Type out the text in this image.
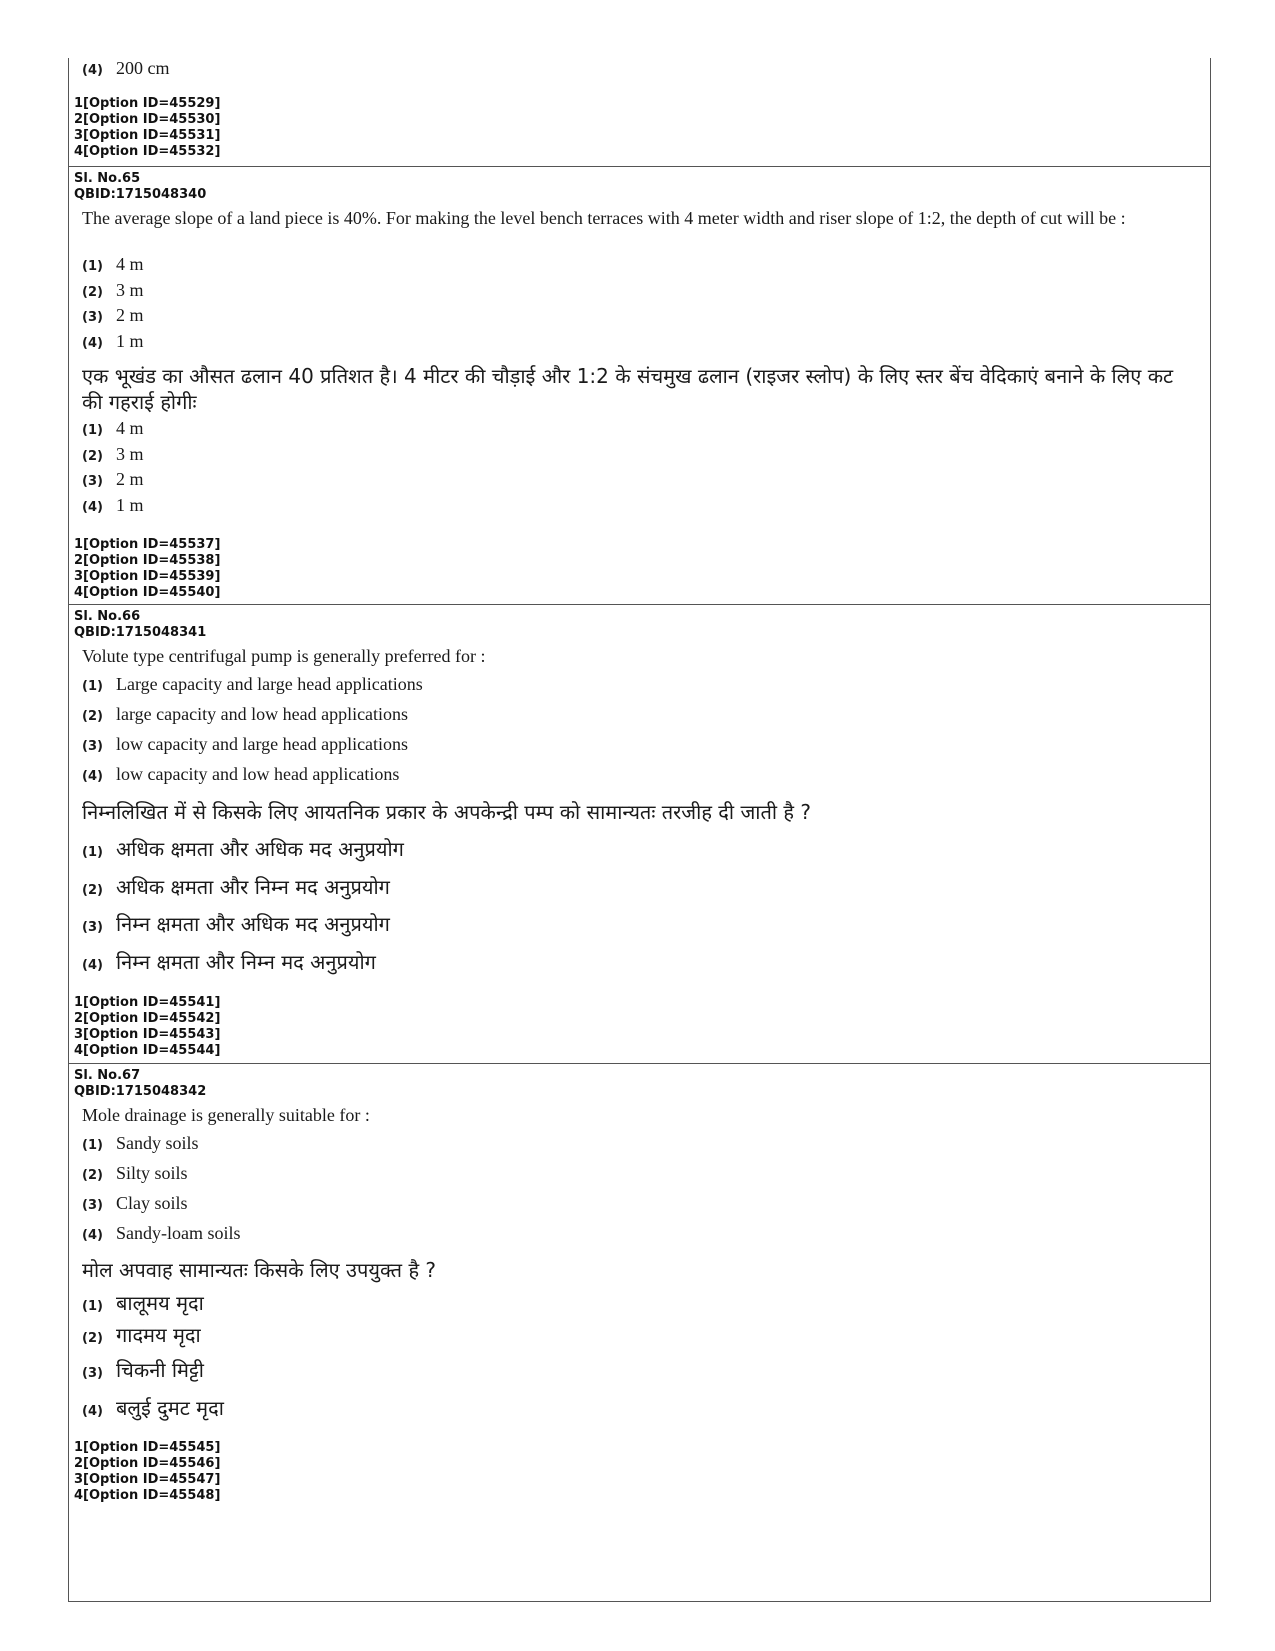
(4) 200 cm
1[Option ID=45529]
2[Option ID=45530]
3[Option ID=45531]
4[Option ID=45532]
Sl. No.65
QBID:1715048340
The average slope of a land piece is 40%. For making the level bench terraces with 4 meter width and riser slope of 1:2, the depth of cut will be :
(1) 4 m
(2) 3 m
(3) 2 m
(4) 1 m
एक भूखंड का औसत ढलान 40 प्रतिशत है। 4 मीटर की चौड़ाई और 1:2 के संचमुख ढलान (राइजर स्लोप) के लिए स्तर बेंच वेदिकाएं बनाने के लिए कट की गहराई होगीः
(1) 4 m
(2) 3 m
(3) 2 m
(4) 1 m
1[Option ID=45537]
2[Option ID=45538]
3[Option ID=45539]
4[Option ID=45540]
Sl. No.66
QBID:1715048341
Volute type centrifugal pump is generally preferred for :
(1) Large capacity and large head applications
(2) large capacity and low head applications
(3) low capacity and large head applications
(4) low capacity and low head applications
निम्नलिखित में से किसके लिए आयतनिक प्रकार के अपकेन्द्री पम्प को सामान्यतः तरजीह दी जाती है ?
(1) अधिक क्षमता और अधिक मद अनुप्रयोग
(2) अधिक क्षमता और निम्न मद अनुप्रयोग
(3) निम्न क्षमता और अधिक मद अनुप्रयोग
(4) निम्न क्षमता और निम्न मद अनुप्रयोग
1[Option ID=45541]
2[Option ID=45542]
3[Option ID=45543]
4[Option ID=45544]
Sl. No.67
QBID:1715048342
Mole drainage is generally suitable for :
(1) Sandy soils
(2) Silty soils
(3) Clay soils
(4) Sandy-loam soils
मोल अपवाह सामान्यतः किसके लिए उपयुक्त है ?
(1) बालूमय मृदा
(2) गादमय मृदा
(3) चिकनी मिट्टी
(4) बलुई दुमट मृदा
1[Option ID=45545]
2[Option ID=45546]
3[Option ID=45547]
4[Option ID=45548]
